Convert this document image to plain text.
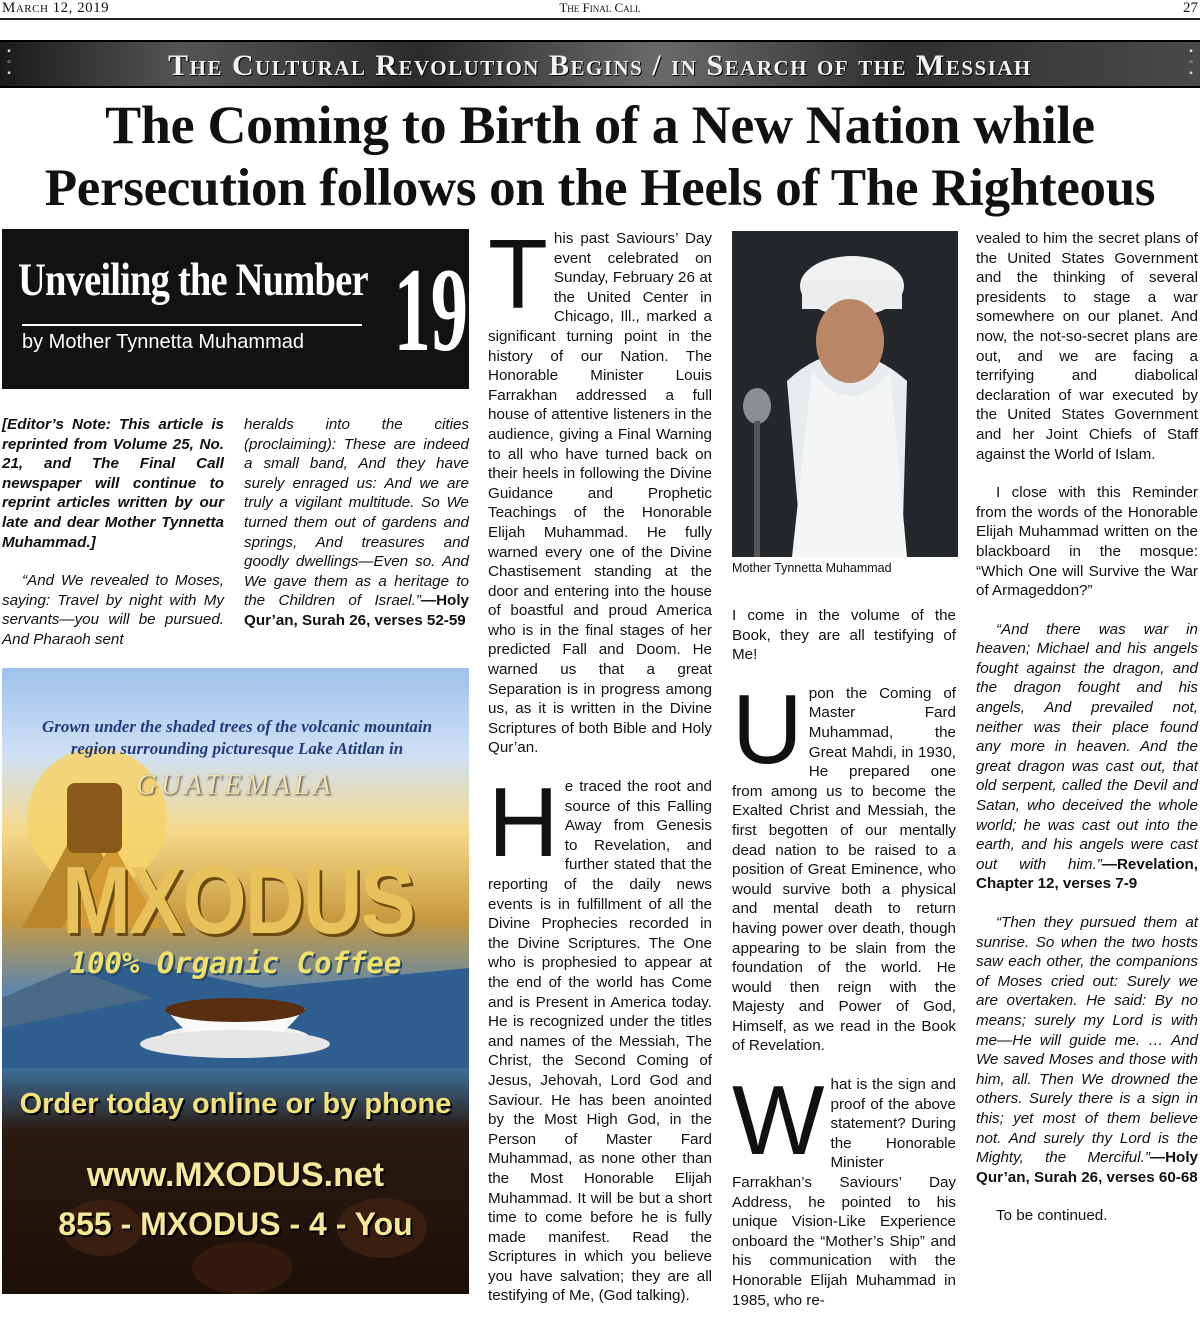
March 12, 2019	The Final Call	27
▪
▫
▪	The Cultural Revolution Begins / in Search of the Messiah	▪
▫
▪
The Coming to Birth of a New Nation while
Persecution follows on the Heels of The Righteous
Unveiling the Number
by Mother Tynnetta Muhammad 19

[Editor’s Note: This article is reprinted from Volume 25, No. 21, and The Final Call newspaper will continue to reprint articles written by our late and dear Mother Tynnetta Muhammad.]

“And We revealed to Moses, saying: Travel by night with My servants—you will be pursued. And Pharaoh sent

heralds into the cities (proclaiming): These are indeed a small band, And they have surely enraged us: And we are truly a vigilant multitude. So We turned them out of gardens and springs, And treasures and goodly dwellings—Even so. And We gave them as a heritage to the Children of Israel.”—Holy Qur’an, Surah 26, verses 52-59

Grown under the shaded trees of the volcanic mountain region surrounding picturesque Lake Atitlan in
GUATEMALA
MXODUS
100% Organic Coffee
Order today online or by phone
www.MXODUS.net
855 - MXODUS - 4 - You

This past Saviours’ Day event celebrated on Sunday, February 26 at the United Center in Chicago, Ill., marked a significant turning point in the history of our Nation. The Honorable Minister Louis Farrakhan addressed a full house of attentive listeners in the audience, giving a Final Warning to all who have turned back on their heels in following the Divine Guidance and Prophetic Teachings of the Honorable Elijah Muhammad. He fully warned every one of the Divine Chastisement standing at the door and entering into the house of boastful and proud America who is in the final stages of her predicted Fall and Doom. He warned us that a great Separation is in progress among us, as it is written in the Divine Scriptures of both Bible and Holy Qur’an.

He traced the root and source of this Falling Away from Genesis to Revelation, and further stated that the reporting of the daily news events is in fulfillment of all the Divine Prophecies recorded in the Divine Scriptures. The One who is prophesied to appear at the end of the world has Come and is Present in America today. He is recognized under the titles and names of the Messiah, The Christ, the Second Coming of Jesus, Jehovah, Lord God and Saviour. He has been anointed by the Most High God, in the Person of Master Fard Muhammad, as none other than the Most Honorable Elijah Muhammad. It will be but a short time to come before he is fully made manifest. Read the Scriptures in which you believe you have salvation; they are all testifying of Me, (God talking).

Mother Tynnetta Muhammad

I come in the volume of the Book, they are all testifying of Me!

Upon the Coming of Master Fard Muhammad, the Great Mahdi, in 1930, He prepared one from among us to become the Exalted Christ and Messiah, the first begotten of our mentally dead nation to be raised to a position of Great Eminence, who would survive both a physical and mental death to return having power over death, though appearing to be slain from the foundation of the world. He would then reign with the Majesty and Power of God, Himself, as we read in the Book of Revelation.

What is the sign and proof of the above statement? During the Honorable Minister Farrakhan’s Saviours’ Day Address, he pointed to his unique Vision-Like Experience onboard the “Mother’s Ship” and his communication with the Honorable Elijah Muhammad in 1985, who re-

vealed to him the secret plans of the United States Government and the thinking of several presidents to stage a war somewhere on our planet. And now, the not-so-secret plans are out, and we are facing a terrifying and diabolical declaration of war executed by the United States Government and her Joint Chiefs of Staff against the World of Islam.

I close with this Reminder from the words of the Honorable Elijah Muhammad written on the blackboard in the mosque: “Which One will Survive the War of Armageddon?”

“And there was war in heaven; Michael and his angels fought against the dragon, and the dragon fought and his angels, And prevailed not, neither was their place found any more in heaven. And the great dragon was cast out, that old serpent, called the Devil and Satan, who deceived the whole world; he was cast out into the earth, and his angels were cast out with him.”—Revelation, Chapter 12, verses 7-9

“Then they pursued them at sunrise. So when the two hosts saw each other, the companions of Moses cried out: Surely we are overtaken. He said: By no means; surely my Lord is with me—He will guide me. … And We saved Moses and those with him, all. Then We drowned the others. Surely there is a sign in this; yet most of them believe not. And surely thy Lord is the Mighty, the Merciful.”—Holy Qur’an, Surah 26, verses 60-68

To be continued.
